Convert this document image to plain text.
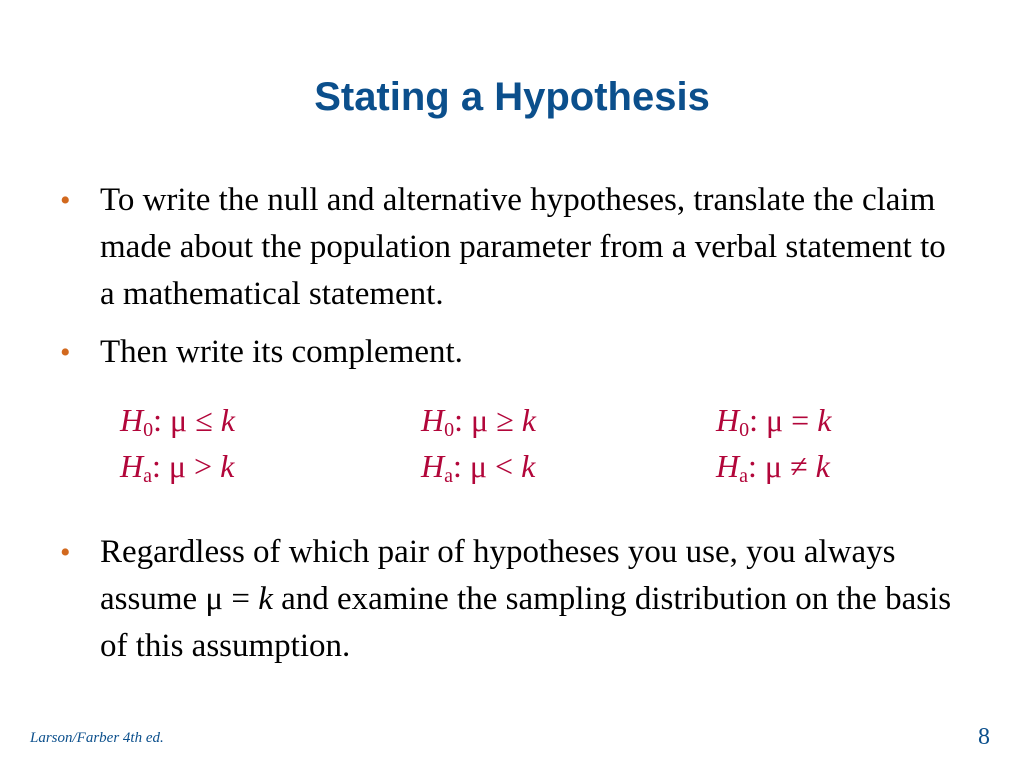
Stating a Hypothesis
• To write the null and alternative hypotheses, translate the claim made about the population parameter from a verbal statement to a mathematical statement.
• Then write its complement.
$H_0$: μ ≤ k
$H_a$: μ > k
$H_0$: μ ≥ k
$H_a$: μ < k
$H_0$: μ = k
$H_a$: μ ≠ k
• Regardless of which pair of hypotheses you use, you always assume μ = k and examine the sampling distribution on the basis of this assumption.
Larson/Farber 4th ed.	8
